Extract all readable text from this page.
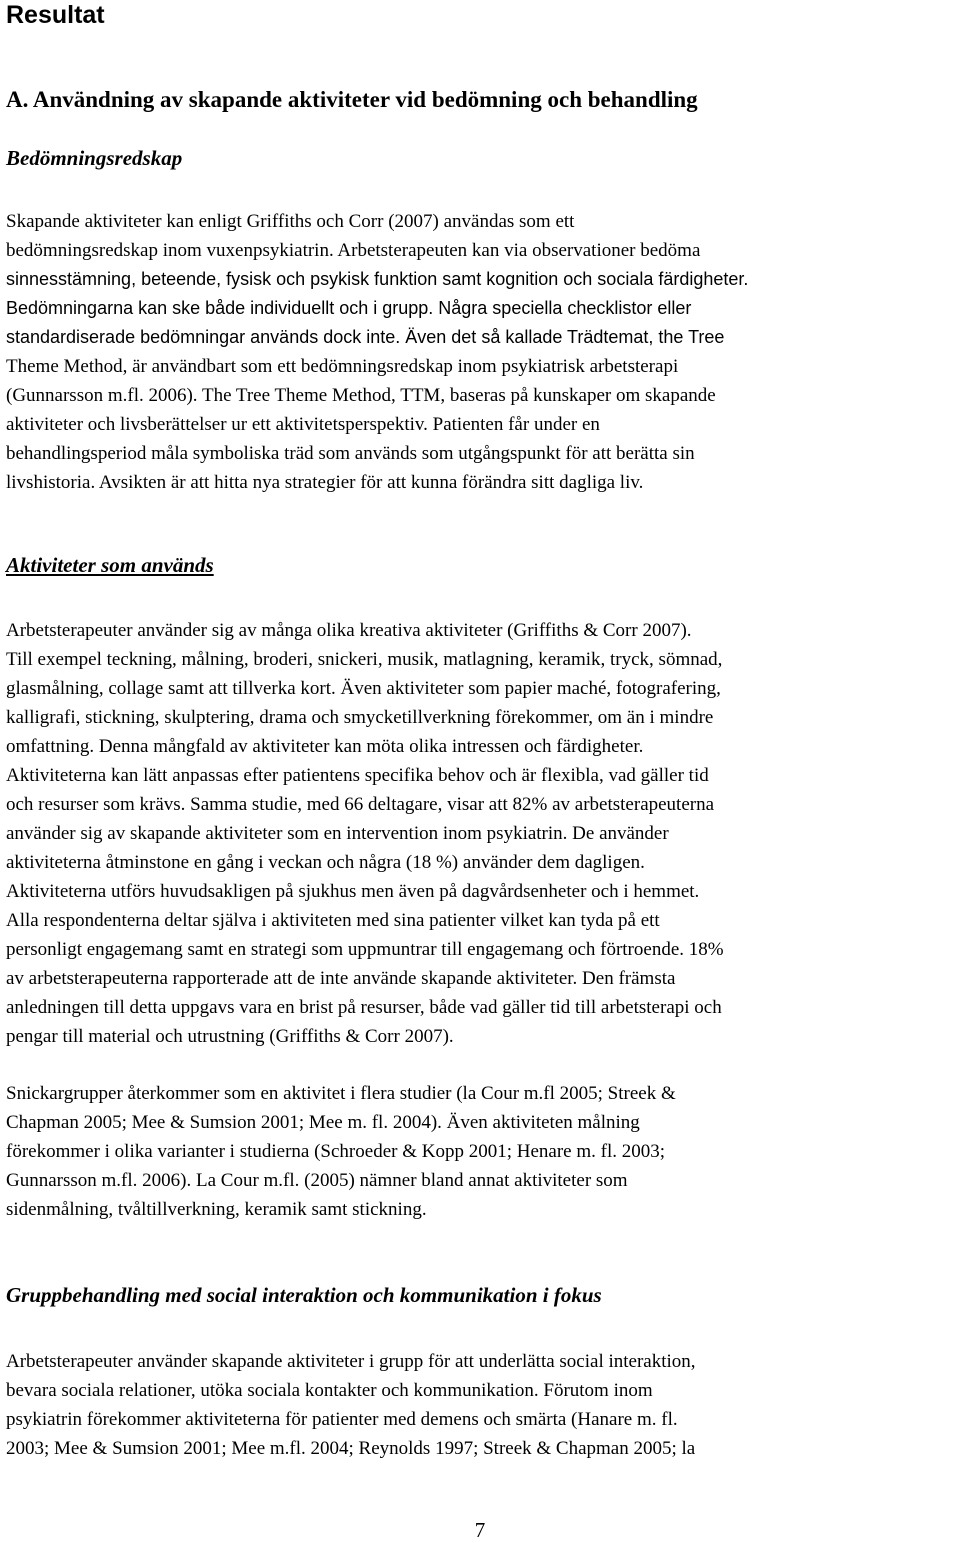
Resultat
A. Användning av skapande aktiviteter vid bedömning och behandling
Bedömningsredskap

Skapande aktiviteter kan enligt Griffiths och Corr (2007) användas som ett
bedömningsredskap inom vuxenpsykiatrin. Arbetsterapeuten kan via observationer bedöma
sinnesstämning, beteende, fysisk och psykisk funktion samt kognition och sociala färdigheter.
Bedömningarna kan ske både individuellt och i grupp. Några speciella checklistor eller
standardiserade bedömningar används dock inte. Även det så kallade Trädtemat, the Tree
Theme Method, är användbart som ett bedömningsredskap inom psykiatrisk arbetsterapi
(Gunnarsson m.fl. 2006). The Tree Theme Method, TTM, baseras på kunskaper om skapande
aktiviteter och livsberättelser ur ett aktivitetsperspektiv. Patienten får under en
behandlingsperiod måla symboliska träd som används som utgångspunkt för att berätta sin
livshistoria. Avsikten är att hitta nya strategier för att kunna förändra sitt dagliga liv.

Aktiviteter som används

Arbetsterapeuter använder sig av många olika kreativa aktiviteter (Griffiths & Corr 2007).
Till exempel teckning, målning, broderi, snickeri, musik, matlagning, keramik, tryck, sömnad,
glasmålning, collage samt att tillverka kort. Även aktiviteter som papier maché, fotografering,
kalligrafi, stickning, skulptering, drama och smycketillverkning förekommer, om än i mindre
omfattning. Denna mångfald av aktiviteter kan möta olika intressen och färdigheter.
Aktiviteterna kan lätt anpassas efter patientens specifika behov och är flexibla, vad gäller tid
och resurser som krävs. Samma studie, med 66 deltagare, visar att 82% av arbetsterapeuterna
använder sig av skapande aktiviteter som en intervention inom psykiatrin. De använder
aktiviteterna åtminstone en gång i veckan och några (18 %) använder dem dagligen.
Aktiviteterna utförs huvudsakligen på sjukhus men även på dagvårdsenheter och i hemmet.
Alla respondenterna deltar själva i aktiviteten med sina patienter vilket kan tyda på ett
personligt engagemang samt en strategi som uppmuntrar till engagemang och förtroende. 18%
av arbetsterapeuterna rapporterade att de inte använde skapande aktiviteter. Den främsta
anledningen till detta uppgavs vara en brist på resurser, både vad gäller tid till arbetsterapi och
pengar till material och utrustning (Griffiths & Corr 2007).

Snickargrupper återkommer som en aktivitet i flera studier (la Cour m.fl 2005; Streek &
Chapman 2005; Mee & Sumsion 2001; Mee m. fl. 2004). Även aktiviteten målning
förekommer i olika varianter i studierna (Schroeder & Kopp 2001; Henare m. fl. 2003;
Gunnarsson m.fl. 2006). La Cour m.fl. (2005) nämner bland annat aktiviteter som
sidenmålning, tvåltillverkning, keramik samt stickning.

Gruppbehandling med social interaktion och kommunikation i fokus

Arbetsterapeuter använder skapande aktiviteter i grupp för att underlätta social interaktion,
bevara sociala relationer, utöka sociala kontakter och kommunikation. Förutom inom
psykiatrin förekommer aktiviteterna för patienter med demens och smärta (Hanare m. fl.
2003; Mee & Sumsion 2001; Mee m.fl. 2004; Reynolds 1997; Streek & Chapman 2005; la

7
